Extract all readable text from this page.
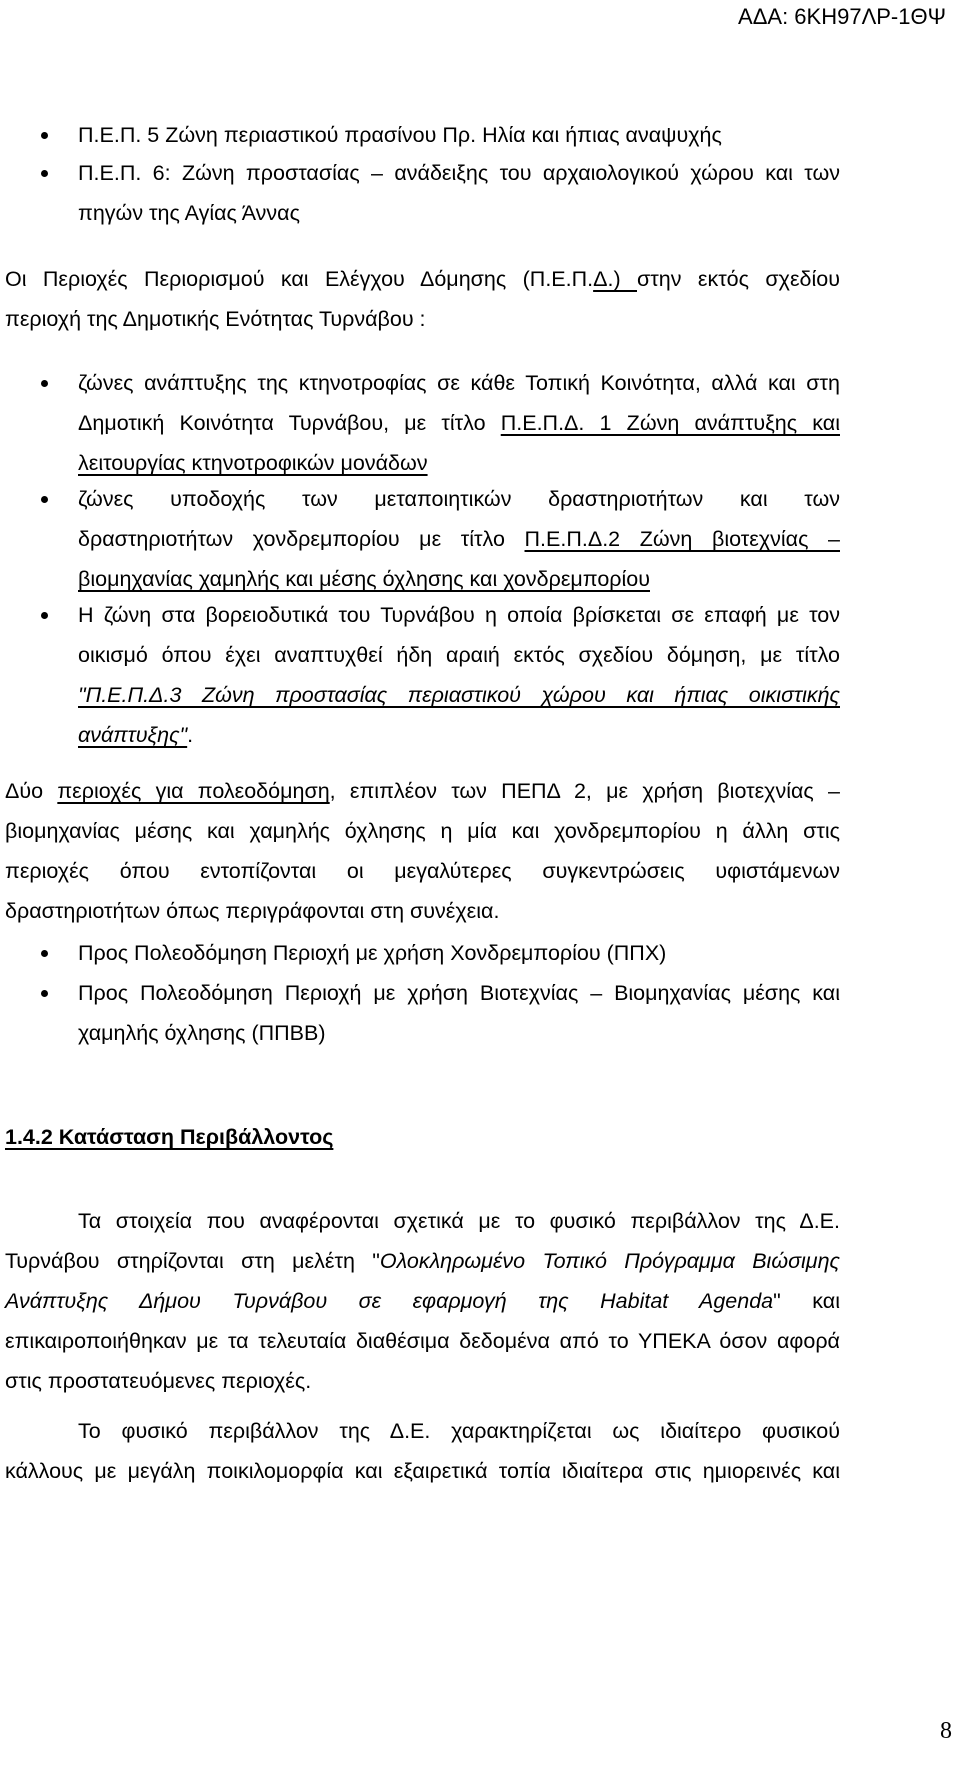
ΑΔΑ: 6ΚΗ97ΛΡ-1ΘΨ
Π.Ε.Π. 5 Ζώνη περιαστικού πρασίνου Πρ. Ηλία και ήπιας αναψυχής
Π.Ε.Π. 6: Ζώνη προστασίας – ανάδειξης του αρχαιολογικού χώρου και των
πηγών της Αγίας Άννας
Οι Περιοχές Περιορισμού και Ελέγχου Δόμησης (Π.Ε.Π.Δ.) στην εκτός σχεδίου
περιοχή της Δημοτικής Ενότητας Τυρνάβου :
ζώνες ανάπτυξης της κτηνοτροφίας σε κάθε Τοπική Κοινότητα, αλλά και στη
Δημοτική Κοινότητα Τυρνάβου, με τίτλο Π.Ε.Π.Δ. 1 Ζώνη ανάπτυξης και
λειτουργίας κτηνοτροφικών μονάδων
ζώνες υποδοχής των μεταποιητικών δραστηριοτήτων και των
δραστηριοτήτων χονδρεμπορίου με τίτλο Π.Ε.Π.Δ.2 Ζώνη βιοτεχνίας –
βιομηχανίας χαμηλής και μέσης όχλησης και χονδρεμπορίου
Η ζώνη στα βορειοδυτικά του Τυρνάβου η οποία βρίσκεται σε επαφή με τον
οικισμό όπου έχει αναπτυχθεί ήδη αραιή εκτός σχεδίου δόμηση, με τίτλο
"Π.Ε.Π.Δ.3 Ζώνη προστασίας περιαστικού χώρου και ήπιας οικιστικής
ανάπτυξης".
Δύο περιοχές για πολεοδόμηση, επιπλέον των ΠΕΠΔ 2, με χρήση βιοτεχνίας –
βιομηχανίας μέσης και χαμηλής όχλησης η μία και χονδρεμπορίου η άλλη στις
περιοχές όπου εντοπίζονται οι μεγαλύτερες συγκεντρώσεις υφιστάμενων
δραστηριοτήτων όπως περιγράφονται στη συνέχεια.
Προς Πολεοδόμηση Περιοχή με χρήση Χονδρεμπορίου (ΠΠΧ)
Προς Πολεοδόμηση Περιοχή με χρήση Βιοτεχνίας – Βιομηχανίας μέσης και
χαμηλής όχλησης (ΠΠΒΒ)
1.4.2 Κατάσταση Περιβάλλοντος
Τα στοιχεία που αναφέρονται σχετικά με το φυσικό περιβάλλον της Δ.Ε.
Τυρνάβου στηρίζονται στη μελέτη "Ολοκληρωμένο Τοπικό Πρόγραμμα Βιώσιμης
Ανάπτυξης Δήμου Τυρνάβου σε εφαρμογή της Habitat Agenda" και
επικαιροποιήθηκαν με τα τελευταία διαθέσιμα δεδομένα από το ΥΠΕΚΑ όσον αφορά
στις προστατευόμενες περιοχές.
Το φυσικό περιβάλλον της Δ.Ε. χαρακτηρίζεται ως ιδιαίτερο φυσικού
κάλλους με μεγάλη ποικιλομορφία και εξαιρετικά τοπία ιδιαίτερα στις ημιορεινές και
8
